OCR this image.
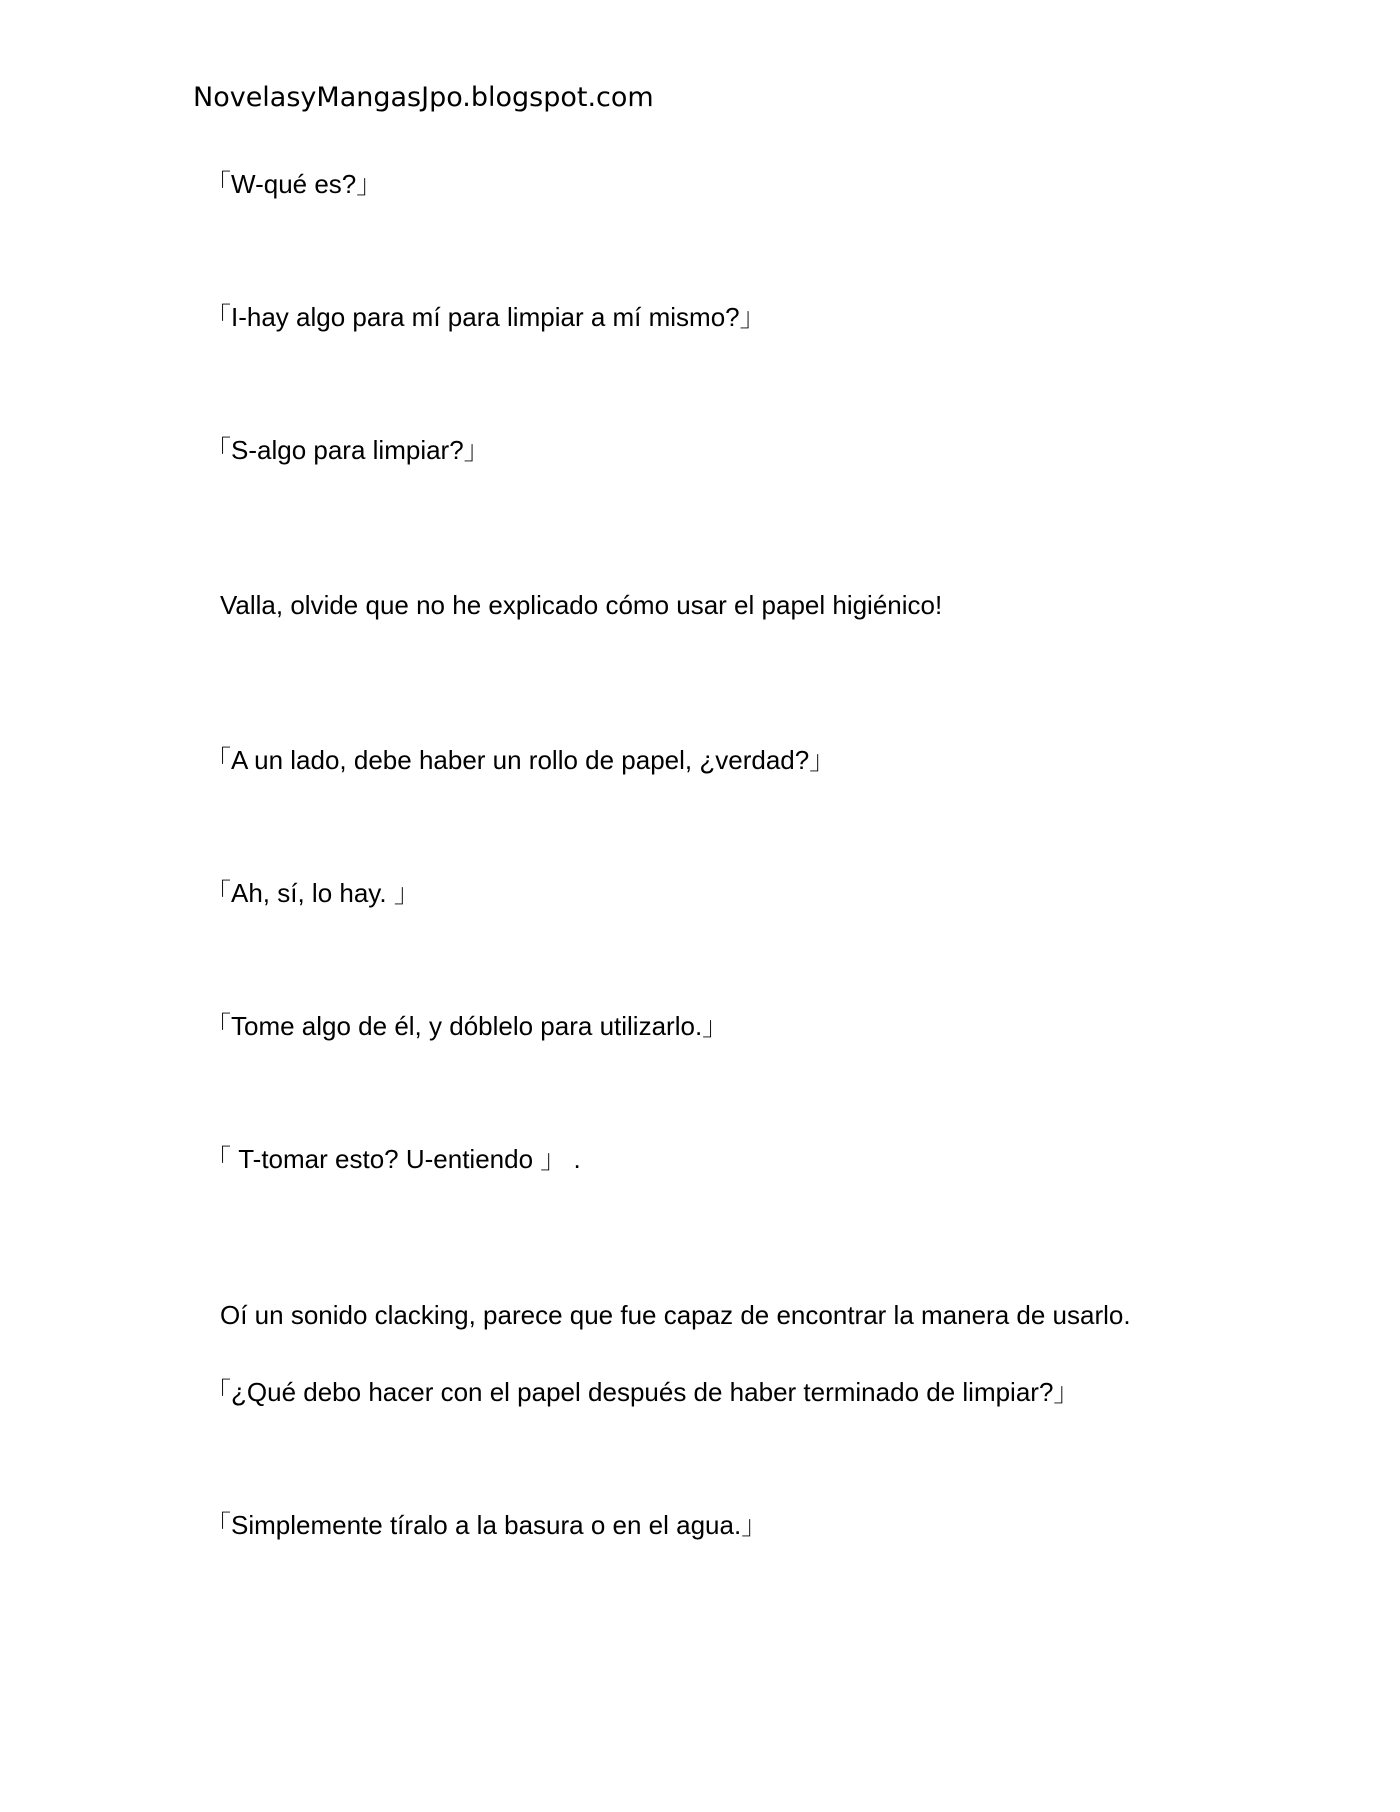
NovelasyMangasJpo.blogspot.com
「W-qué es?」
「I-hay algo para mí para limpiar a mí mismo?」
「S-algo para limpiar?」
Valla, olvide que no he explicado cómo usar el papel higiénico!
「A un lado, debe haber un rollo de papel, ¿verdad?」
「Ah, sí, lo hay. 」
「Tome algo de él, y dóblelo para utilizarlo.」
「 T-tomar esto? U-entiendo 」 .
Oí un sonido clacking, parece que fue capaz de encontrar la manera de usarlo.
「¿Qué debo hacer con el papel después de haber terminado de limpiar?」
「Simplemente tíralo a la basura o en el agua.」
